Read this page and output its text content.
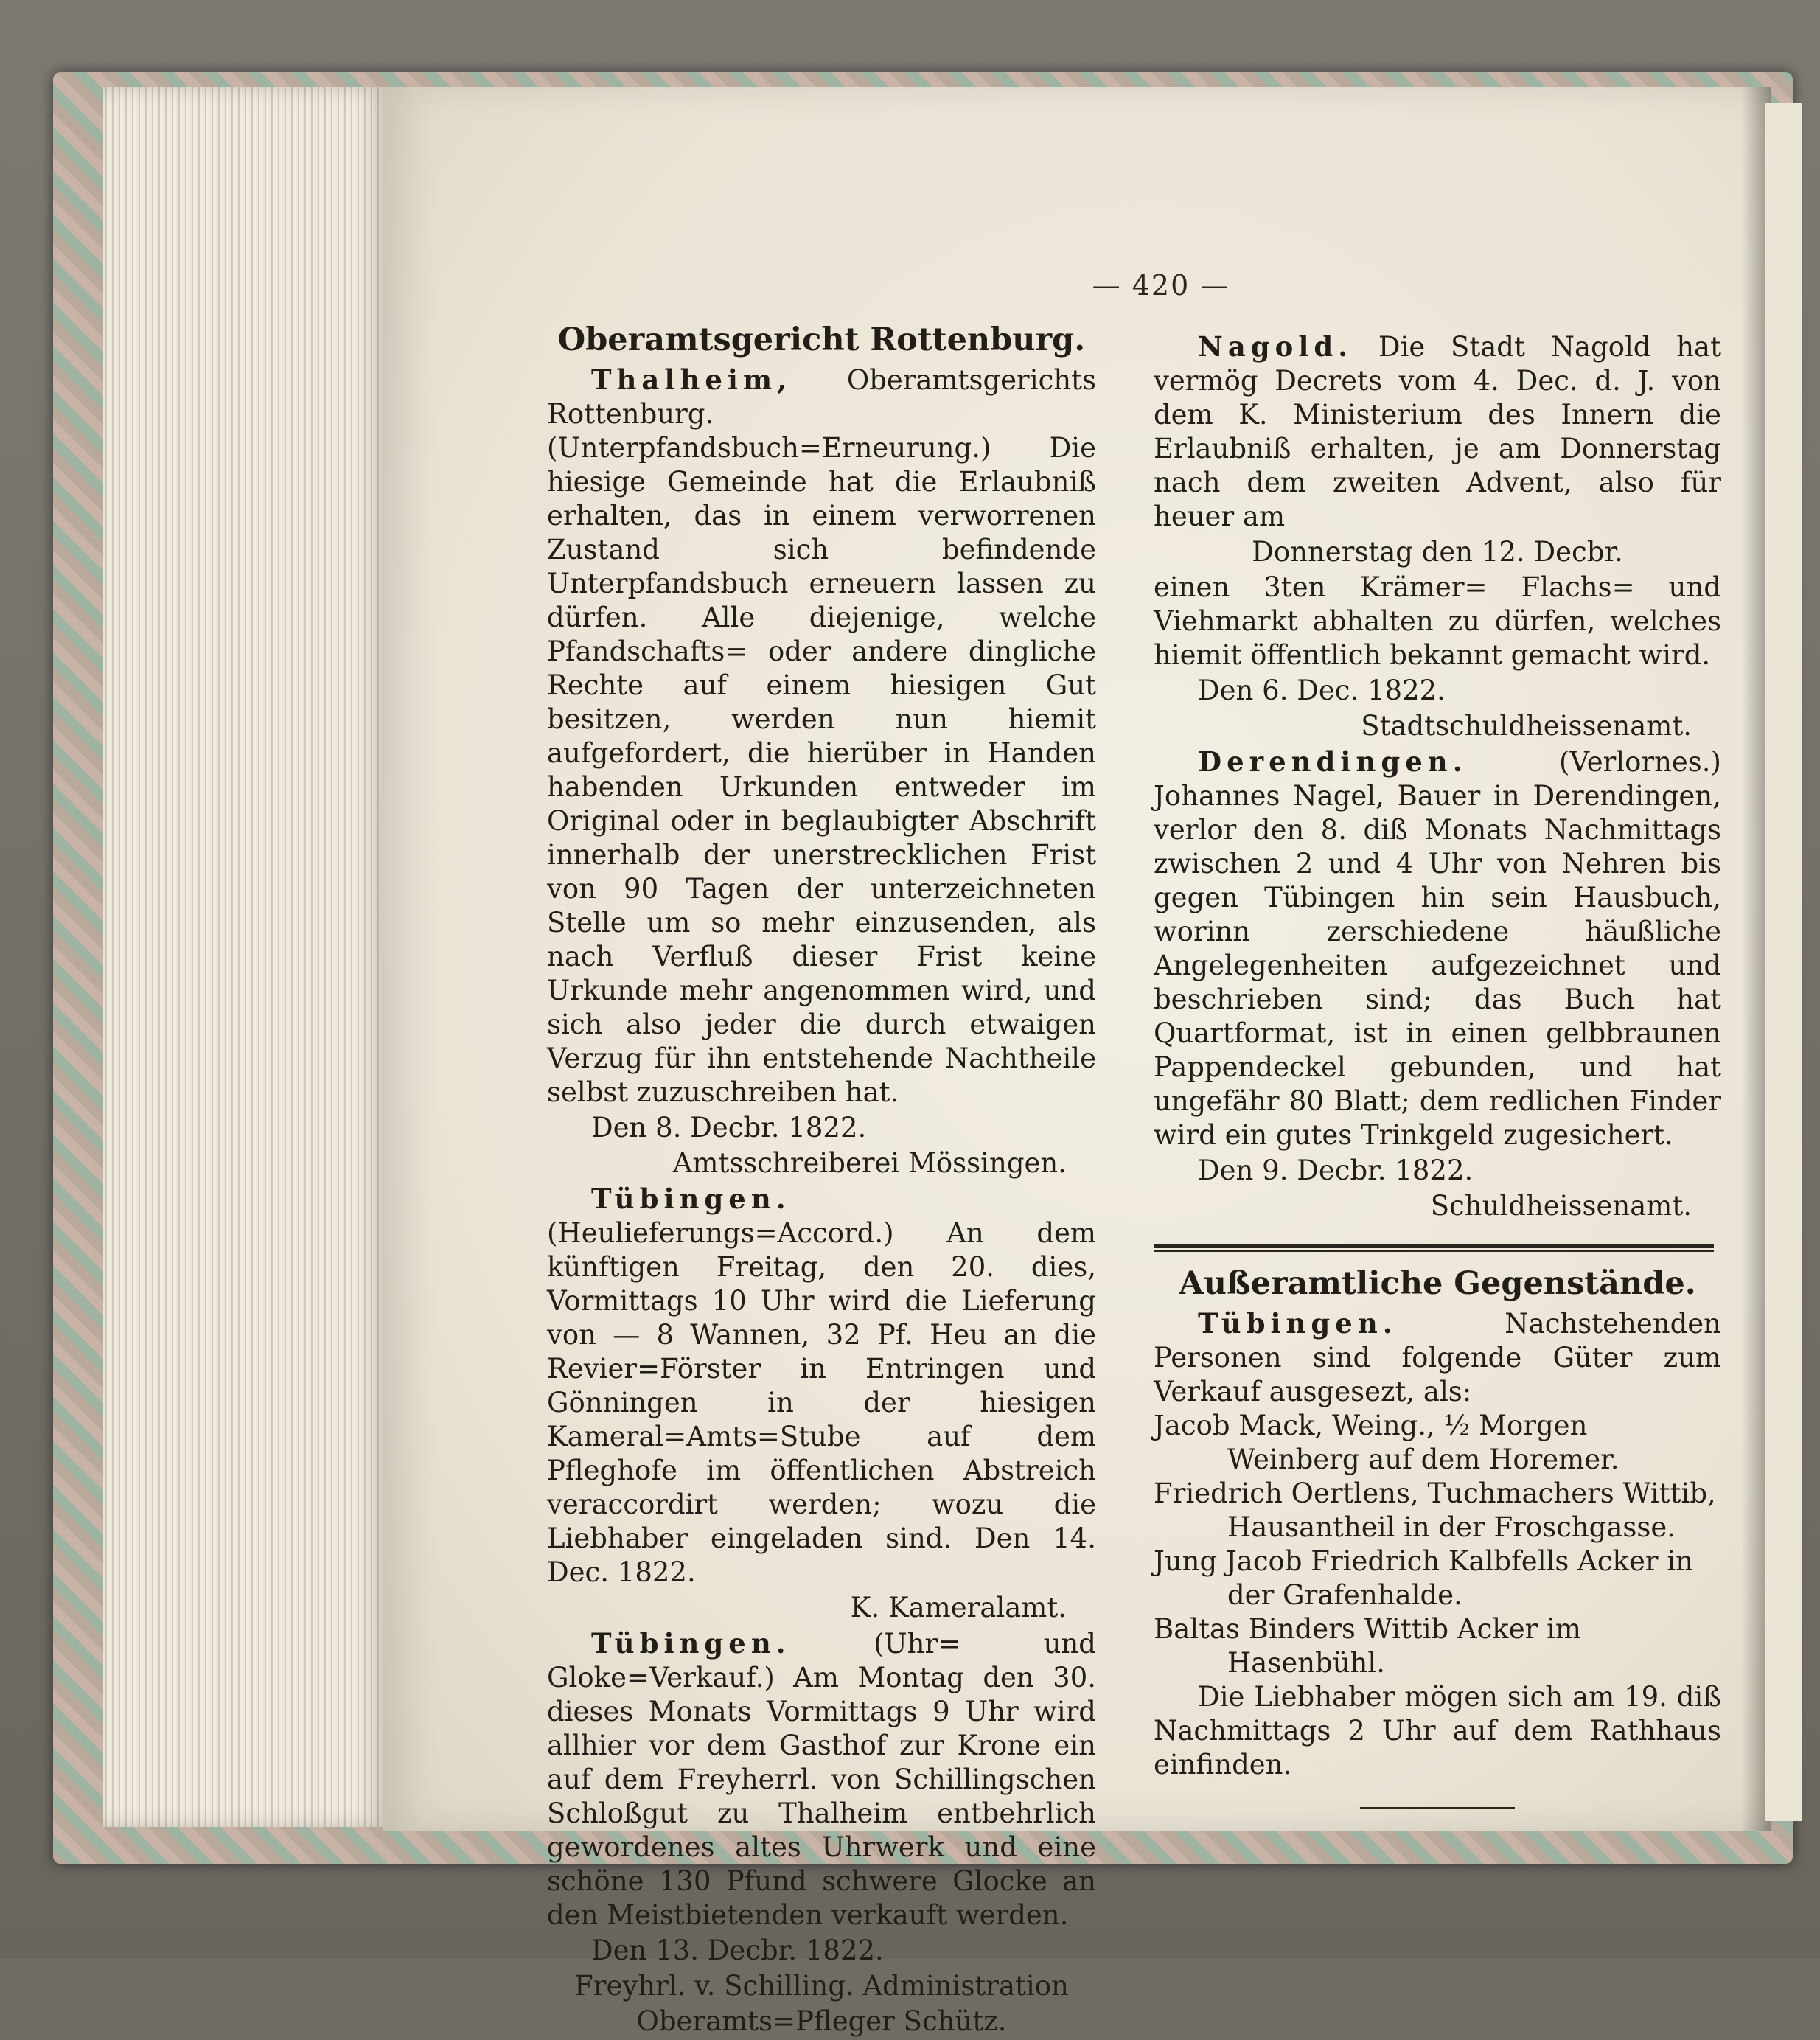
— 420 —
Oberamtsgericht Rottenburg.

Thalheim, Oberamtsgerichts Rottenburg. (Unterpfandsbuch=Erneurung.) Die hiesige Gemeinde hat die Erlaubniß erhalten, das in einem verworrenen Zustand sich befindende Unterpfandsbuch erneuern lassen zu dürfen. Alle diejenige, welche Pfandschafts= oder andere dingliche Rechte auf einem hiesigen Gut besitzen, werden nun hiemit aufgefordert, die hierüber in Handen habenden Urkunden entweder im Original oder in beglaubigter Abschrift innerhalb der unerstrecklichen Frist von 90 Tagen der unterzeichneten Stelle um so mehr einzusenden, als nach Verfluß dieser Frist keine Urkunde mehr angenommen wird, und sich also jeder die durch etwaigen Verzug für ihn entstehende Nachtheile selbst zuzuschreiben hat.

Den 8. Decbr. 1822.

Amtsschreiberei Mössingen.

Tübingen. (Heulieferungs=Accord.) An dem künftigen Freitag, den 20. dies, Vormittags 10 Uhr wird die Lieferung von — 8 Wannen, 32 Pf. Heu an die Revier=Förster in Entringen und Gönningen in der hiesigen Kameral=Amts=Stube auf dem Pfleghofe im öffentlichen Abstreich veraccordirt werden; wozu die Liebhaber eingeladen sind. Den 14. Dec. 1822.

K. Kameralamt.

Tübingen.	(Uhr= und Gloke=Verkauf.) Am Montag den 30. dieses Monats Vormittags 9 Uhr wird allhier vor dem Gasthof zur Krone ein auf dem Freyherrl. von Schillingschen Schloßgut zu Thalheim entbehrlich gewordenes altes Uhrwerk und eine schöne 130 Pfund schwere Glocke an den Meistbietenden verkauft werden.

Den 13. Decbr. 1822.

Freyhrl. v. Schilling. Administration

Oberamts=Pfleger Schütz.

Nagold. Die Stadt Nagold hat vermög Decrets vom 4. Dec. d. J. von dem K. Ministerium des Innern die Erlaubniß erhalten, je am Donnerstag nach dem zweiten Advent, also für heuer am

Donnerstag den 12. Decbr.

einen 3ten Krämer= Flachs= und Viehmarkt abhalten zu dürfen, welches hiemit öffentlich bekannt gemacht wird.

Den 6. Dec. 1822.

Stadtschuldheissenamt.

Derendingen.	(Verlornes.) Johannes Nagel, Bauer in Derendingen, verlor den 8. diß Monats Nachmittags zwischen 2 und 4 Uhr von Nehren bis gegen Tübingen hin sein Hausbuch, worinn zerschiedene häußliche Angelegenheiten aufgezeichnet und beschrieben sind; das Buch hat Quartformat, ist in einen gelbbraunen Pappendeckel gebunden, und hat ungefähr 80 Blatt; dem redlichen Finder wird ein gutes Trinkgeld zugesichert.

Den 9. Decbr. 1822.

Schuldheissenamt.

Außeramtliche Gegenstände.

Tübingen.	Nachstehenden Personen sind folgende Güter zum Verkauf ausgesezt, als:

Jacob Mack, Weing., ½ Morgen Weinberg auf dem Horemer.

Friedrich Oertlens, Tuchmachers Wittib, Hausantheil in der Froschgasse.

Jung Jacob Friedrich Kalbfells Acker in der Grafenhalde.

Baltas Binders Wittib Acker im Hasenbühl.

Die Liebhaber mögen sich am 19. diß Nachmittags 2 Uhr auf dem Rathhaus einfinden.
